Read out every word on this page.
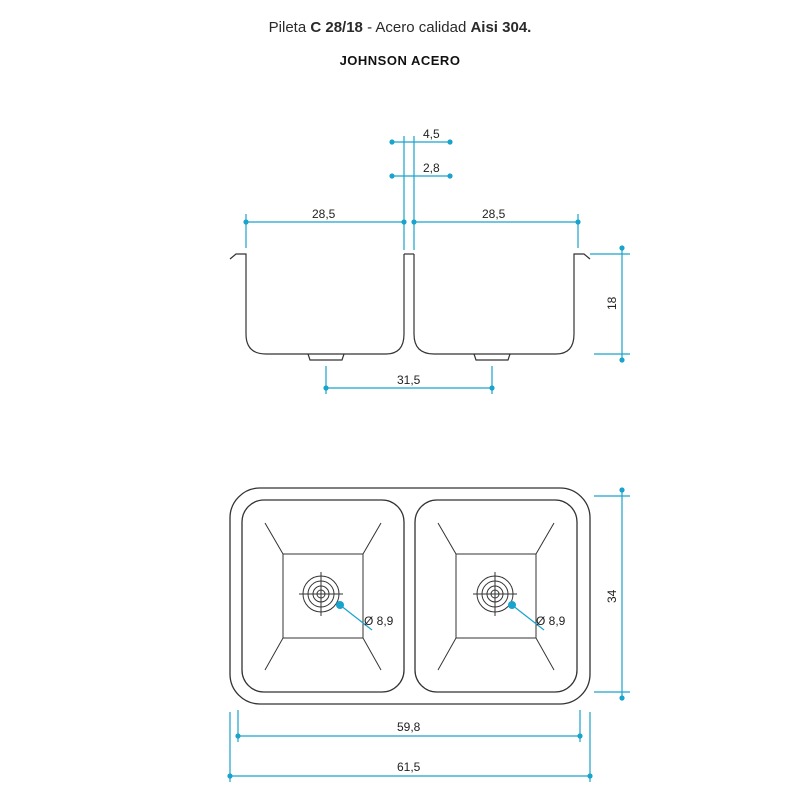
Pileta C 28/18 - Acero calidad Aisi 304.
JOHNSON ACERO
4,5
2,8
28,5	28,5
18
31,5
Ø 8,9	Ø 8,9
34
59,8
61,5
